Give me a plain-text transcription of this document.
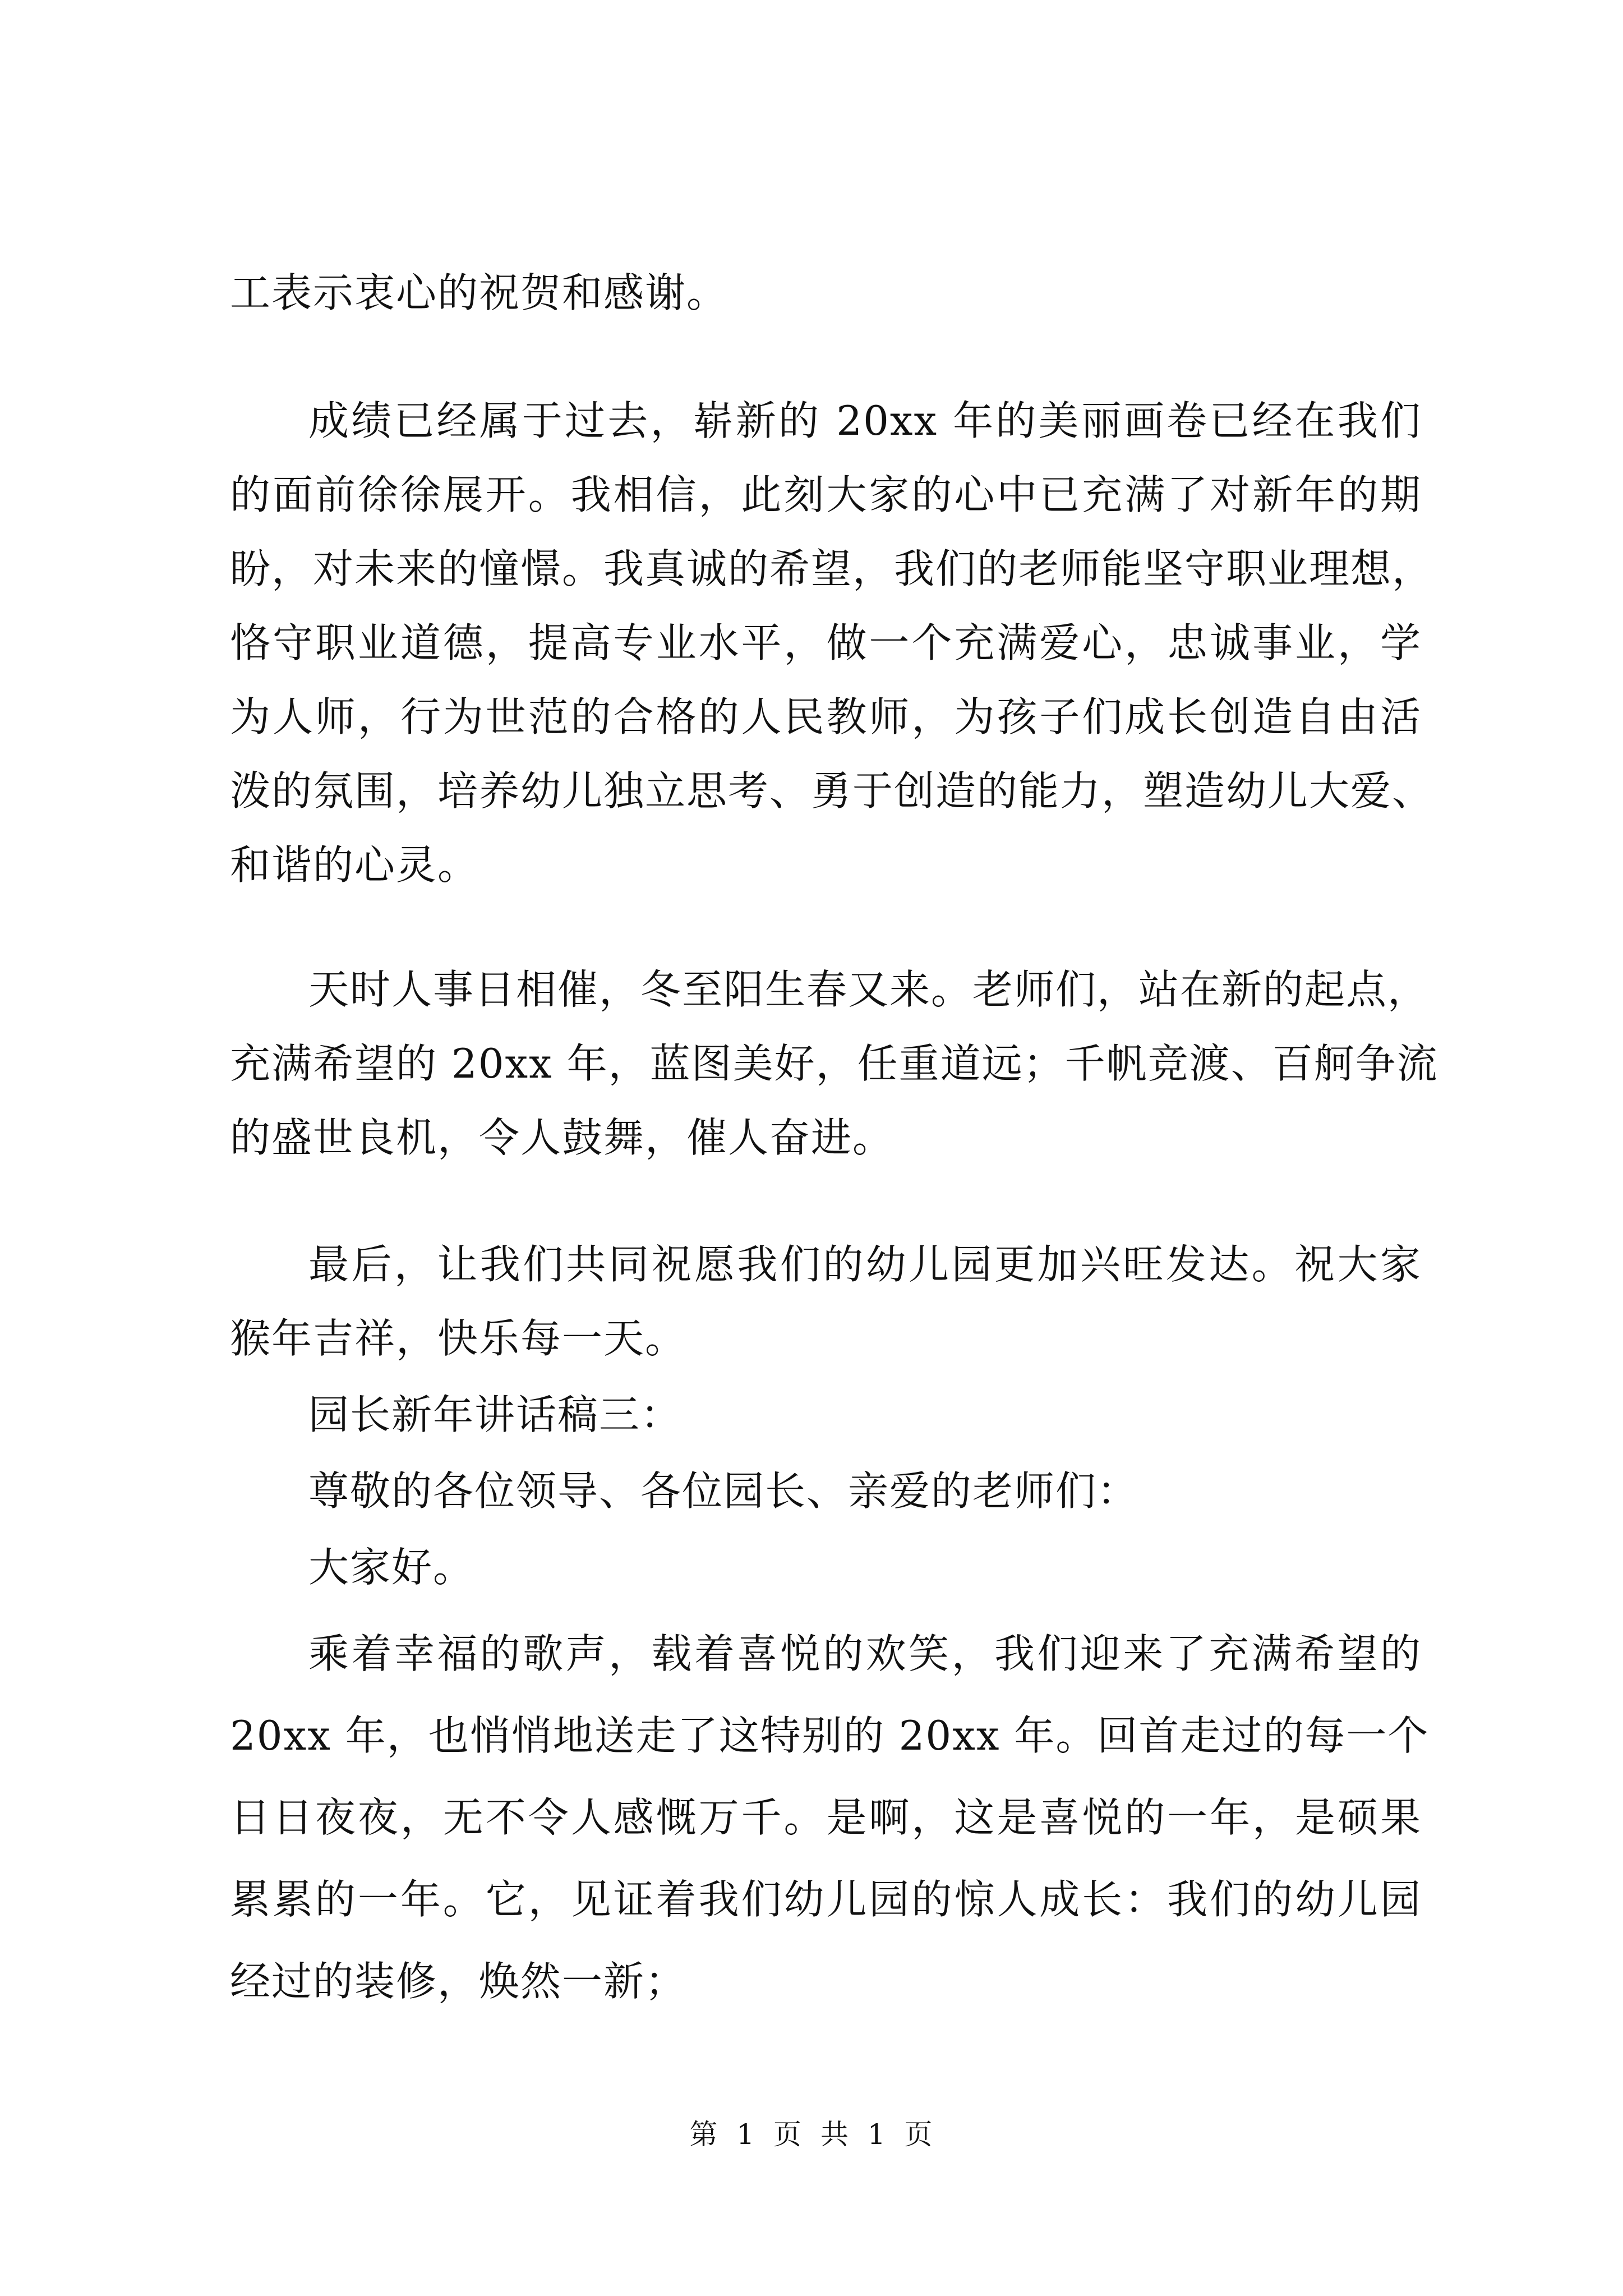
工表示衷心的祝贺和感谢。
成绩已经属于过去，崭新的 20xx 年的美丽画卷已经在我们
的面前徐徐展开。我相信，此刻大家的心中已充满了对新年的期
盼，对未来的憧憬。我真诚的希望，我们的老师能坚守职业理想，
恪守职业道德，提高专业水平，做一个充满爱心，忠诚事业，学
为人师，行为世范的合格的人民教师，为孩子们成长创造自由活
泼的氛围，培养幼儿独立思考、勇于创造的能力，塑造幼儿大爱、
和谐的心灵。
天时人事日相催，冬至阳生春又来。老师们，站在新的起点，
充满希望的 20xx 年，蓝图美好，任重道远；千帆竞渡、百舸争流
的盛世良机，令人鼓舞，催人奋进。
最后，让我们共同祝愿我们的幼儿园更加兴旺发达。祝大家
猴年吉祥，快乐每一天。
园长新年讲话稿三：
尊敬的各位领导、各位园长、亲爱的老师们：
大家好。
乘着幸福的歌声，载着喜悦的欢笑，我们迎来了充满希望的
20xx 年，也悄悄地送走了这特别的 20xx 年。回首走过的每一个
日日夜夜，无不令人感慨万千。是啊，这是喜悦的一年，是硕果
累累的一年。它，见证着我们幼儿园的惊人成长：我们的幼儿园
经过的装修，焕然一新；
第 1 页 共 1 页
